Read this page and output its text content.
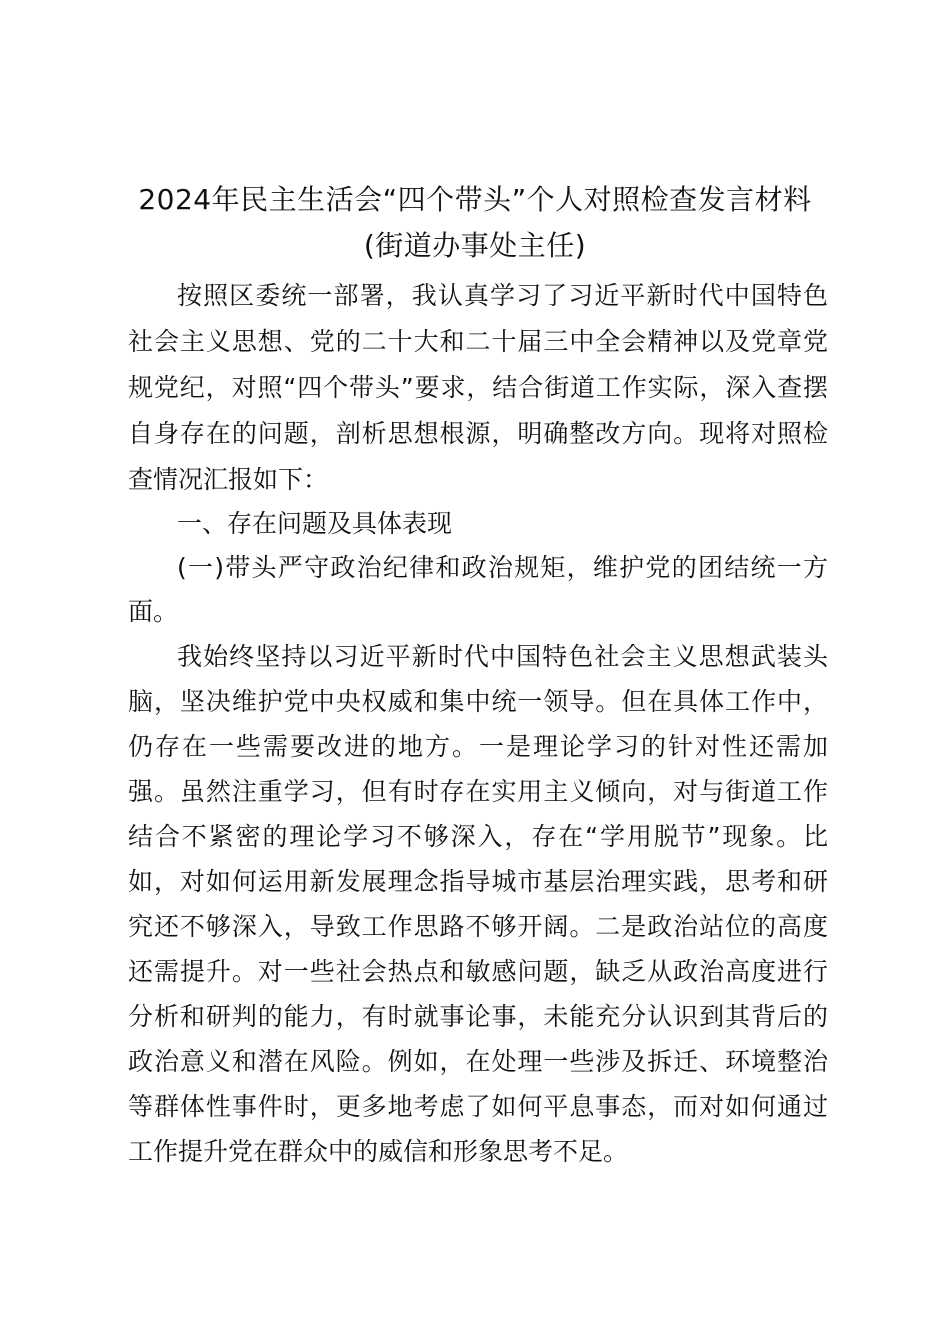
2024年民主生活会“四个带头”个人对照检查发言材料
(街道办事处主任)
按照区委统一部署，我认真学习了习近平新时代中国特色
社会主义思想、党的二十大和二十届三中全会精神以及党章党
规党纪，对照“四个带头”要求，结合街道工作实际，深入查摆
自身存在的问题，剖析思想根源，明确整改方向。现将对照检
查情况汇报如下：
一、存在问题及具体表现
(一)带头严守政治纪律和政治规矩，维护党的团结统一方
面。
我始终坚持以习近平新时代中国特色社会主义思想武装头
脑，坚决维护党中央权威和集中统一领导。但在具体工作中，
仍存在一些需要改进的地方。一是理论学习的针对性还需加
强。虽然注重学习，但有时存在实用主义倾向，对与街道工作
结合不紧密的理论学习不够深入，存在“学用脱节”现象。比
如，对如何运用新发展理念指导城市基层治理实践，思考和研
究还不够深入，导致工作思路不够开阔。二是政治站位的高度
还需提升。对一些社会热点和敏感问题，缺乏从政治高度进行
分析和研判的能力，有时就事论事，未能充分认识到其背后的
政治意义和潜在风险。例如，在处理一些涉及拆迁、环境整治
等群体性事件时，更多地考虑了如何平息事态，而对如何通过
工作提升党在群众中的威信和形象思考不足。
